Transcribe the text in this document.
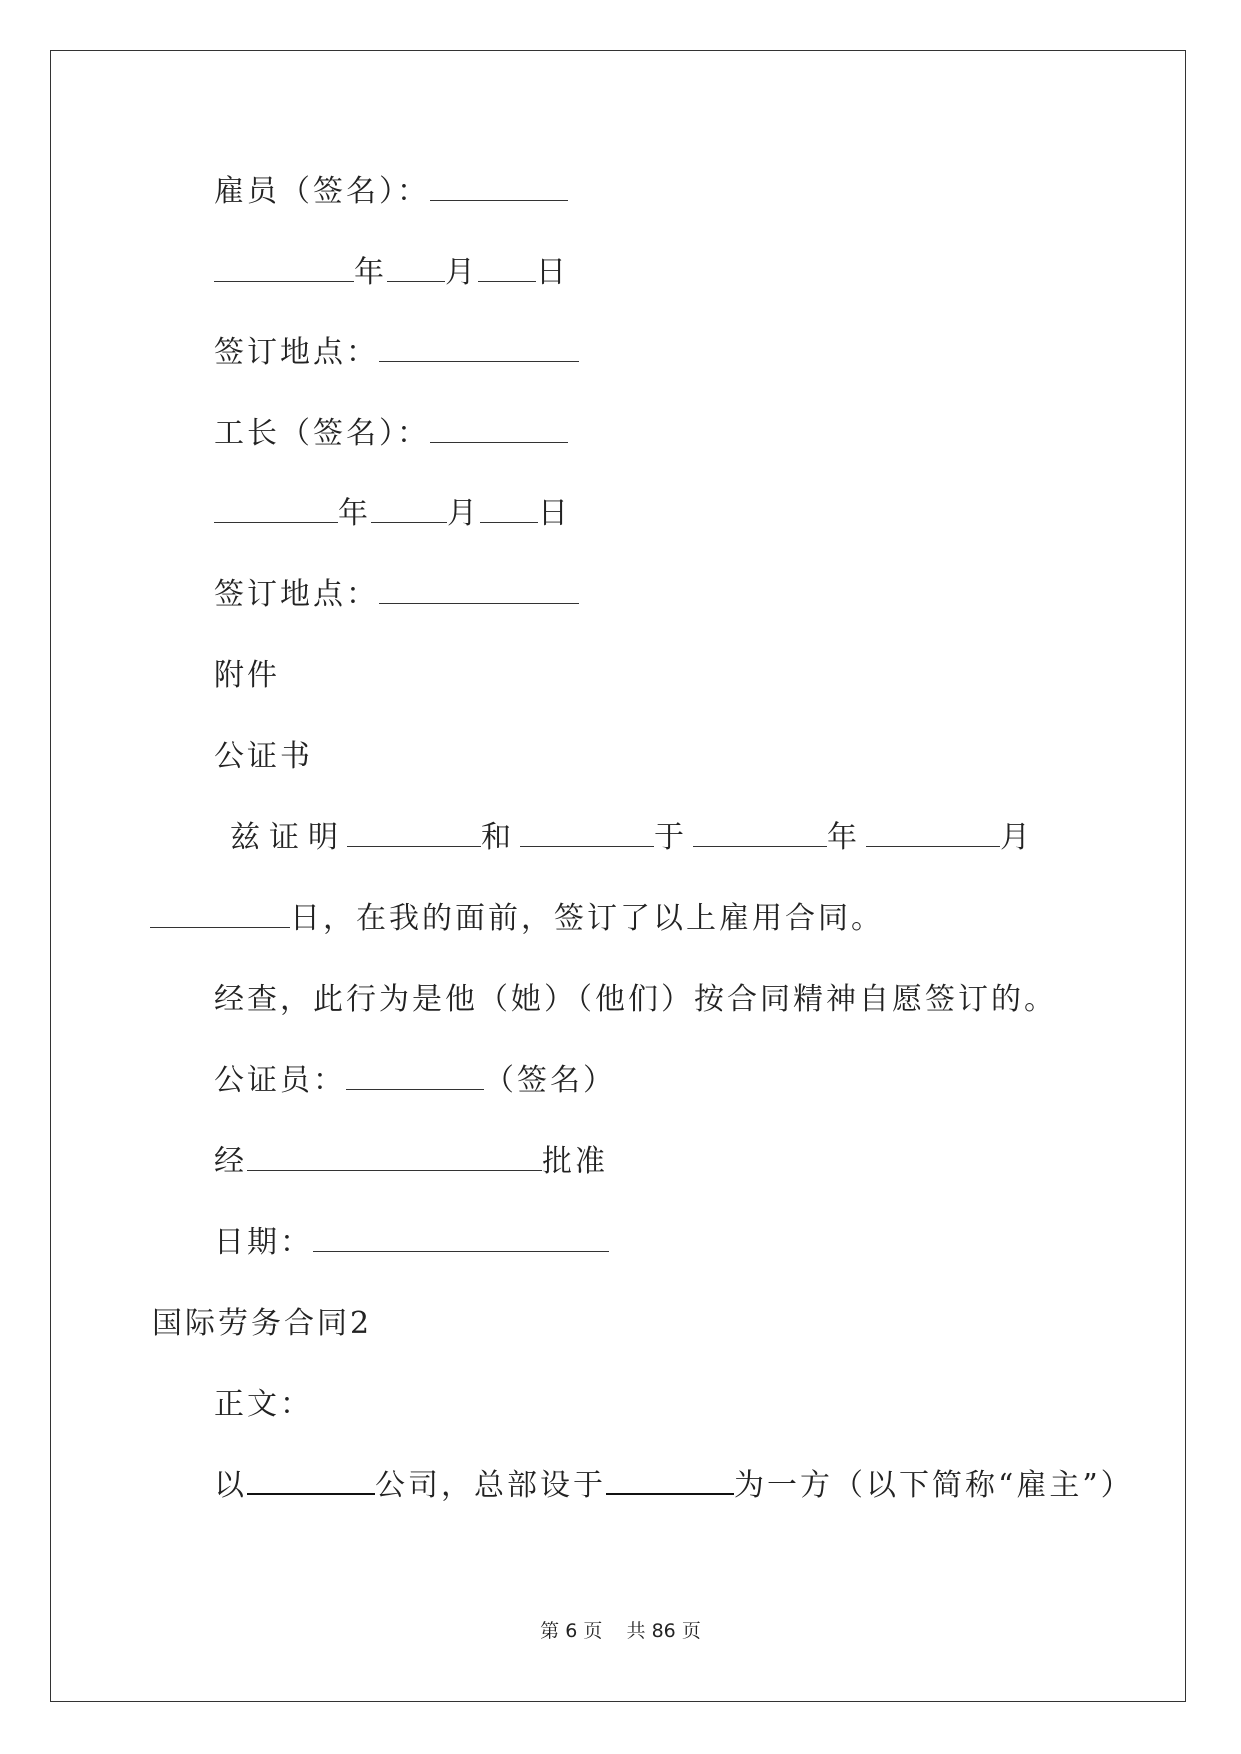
雇员（签名）：
年 月 日
签订地点：
工长（签名）：
年	月 日
签订地点：
附件
公证书
兹证明	和	于	年	月
日，在我的面前，签订了以上雇用合同。
经查，此行为是他（她）（他们）按合同精神自愿签订的。
公证员：	（签名）
经	批准
日期：
国际劳务合同2
正文：
以	公司，总部设于	为一方（以下简称“雇主”）
第 6 页 共 86 页
